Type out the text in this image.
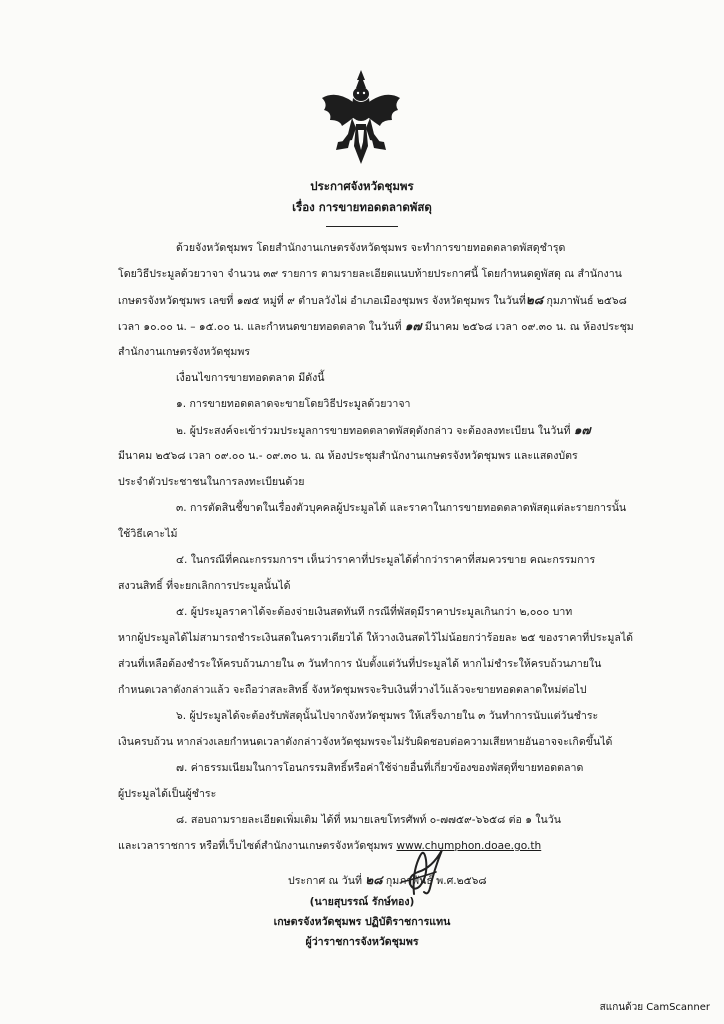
ประกาศจังหวัดชุมพร
เรื่อง การขายทอดตลาดพัสดุ
ด้วยจังหวัดชุมพร โดยสำนักงานเกษตรจังหวัดชุมพร จะทำการขายทอดตลาดพัสดุชำรุด
โดยวิธีประมูลด้วยวาจา จำนวน ๓๙ รายการ ตามรายละเอียดแนบท้ายประกาศนี้ โดยกำหนดดูพัสดุ ณ สำนักงาน
เกษตรจังหวัดชุมพร เลขที่ ๑๗๕ หมู่ที่ ๙ ตำบลวังไผ่ อำเภอเมืองชุมพร จังหวัดชุมพร ในวันที่๒๘ กุมภาพันธ์ ๒๕๖๘
เวลา ๑๐.๐๐ น. – ๑๕.๐๐ น. และกำหนดขายทอดตลาด ในวันที่ ๑๗ มีนาคม ๒๕๖๘ เวลา ๐๙.๓๐ น. ณ ห้องประชุม
สำนักงานเกษตรจังหวัดชุมพร
เงื่อนไขการขายทอดตลาด มีดังนี้
๑. การขายทอดตลาดจะขายโดยวิธีประมูลด้วยวาจา
๒. ผู้ประสงค์จะเข้าร่วมประมูลการขายทอดตลาดพัสดุดังกล่าว จะต้องลงทะเบียน ในวันที่ ๑๗
มีนาคม ๒๕๖๘ เวลา ๐๙.๐๐ น.- ๐๙.๓๐ น. ณ ห้องประชุมสำนักงานเกษตรจังหวัดชุมพร และแสดงบัตร
ประจำตัวประชาชนในการลงทะเบียนด้วย
๓. การตัดสินชี้ขาดในเรื่องตัวบุคคลผู้ประมูลได้ และราคาในการขายทอดตลาดพัสดุแต่ละรายการนั้น
ใช้วิธีเคาะไม้
๔. ในกรณีที่คณะกรรมการฯ เห็นว่าราคาที่ประมูลได้ต่ำกว่าราคาที่สมควรขาย คณะกรรมการ
สงวนสิทธิ์ ที่จะยกเลิกการประมูลนั้นได้
๕. ผู้ประมูลราคาได้จะต้องจ่ายเงินสดทันที กรณีที่พัสดุมีราคาประมูลเกินกว่า ๒,๐๐๐ บาท
หากผู้ประมูลได้ไม่สามารถชำระเงินสดในคราวเดียวได้ ให้วางเงินสดไว้ไม่น้อยกว่าร้อยละ ๒๕ ของราคาที่ประมูลได้
ส่วนที่เหลือต้องชำระให้ครบถ้วนภายใน ๓ วันทำการ นับตั้งแต่วันที่ประมูลได้ หากไม่ชำระให้ครบถ้วนภายใน
กำหนดเวลาดังกล่าวแล้ว จะถือว่าสละสิทธิ์ จังหวัดชุมพรจะริบเงินที่วางไว้แล้วจะขายทอดตลาดใหม่ต่อไป
๖. ผู้ประมูลได้จะต้องรับพัสดุนั้นไปจากจังหวัดชุมพร ให้เสร็จภายใน ๓ วันทำการนับแต่วันชำระ
เงินครบถ้วน หากล่วงเลยกำหนดเวลาดังกล่าวจังหวัดชุมพรจะไม่รับผิดชอบต่อความเสียหายอันอาจจะเกิดขึ้นได้
๗. ค่าธรรมเนียมในการโอนกรรมสิทธิ์หรือค่าใช้จ่ายอื่นที่เกี่ยวข้องของพัสดุที่ขายทอดตลาด
ผู้ประมูลได้เป็นผู้ชำระ
๘. สอบถามรายละเอียดเพิ่มเติม ได้ที่ หมายเลขโทรศัพท์ ๐-๗๗๕๙-๖๖๕๘ ต่อ ๑ ในวัน
และเวลาราชการ หรือที่เว็บไซต์สำนักงานเกษตรจังหวัดชุมพร www.chumphon.doae.go.th
ประกาศ ณ วันที่ ๒๘ กุมภาพันธ์ พ.ศ.๒๕๖๘
(นายสุบรรณ์ รักษ์ทอง)
เกษตรจังหวัดชุมพร ปฏิบัติราชการแทน
ผู้ว่าราชการจังหวัดชุมพร
สแกนด้วย CamScanner
